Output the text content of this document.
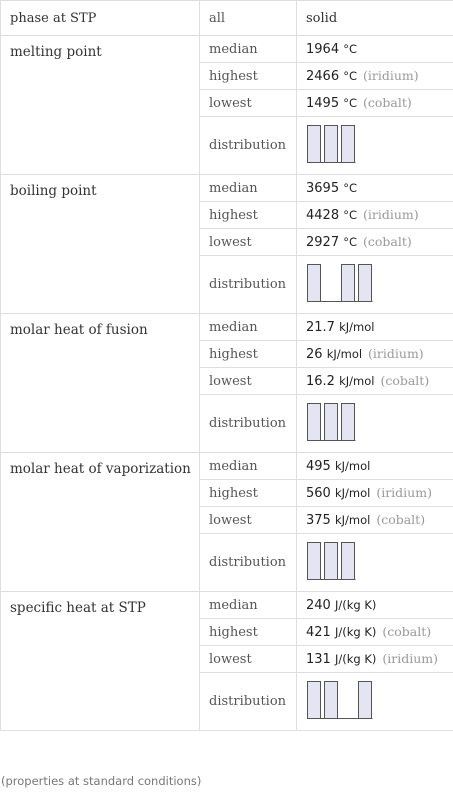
phase at STP	all	solid
melting point	median	1964 °C
	highest	2466 °C (iridium)
	lowest	1495 °C (cobalt)
	distribution	
boiling point	median	3695 °C
	highest	4428 °C (iridium)
	lowest	2927 °C (cobalt)
	distribution	
molar heat of fusion	median	21.7 kJ/mol
	highest	26 kJ/mol (iridium)
	lowest	16.2 kJ/mol (cobalt)
	distribution	
molar heat of vaporization	median	495 kJ/mol
	highest	560 kJ/mol (iridium)
	lowest	375 kJ/mol (cobalt)
	distribution	
specific heat at STP	median	240 J/(kg K)
	highest	421 J/(kg K) (cobalt)
	lowest	131 J/(kg K) (iridium)
	distribution	
(properties at standard conditions)
